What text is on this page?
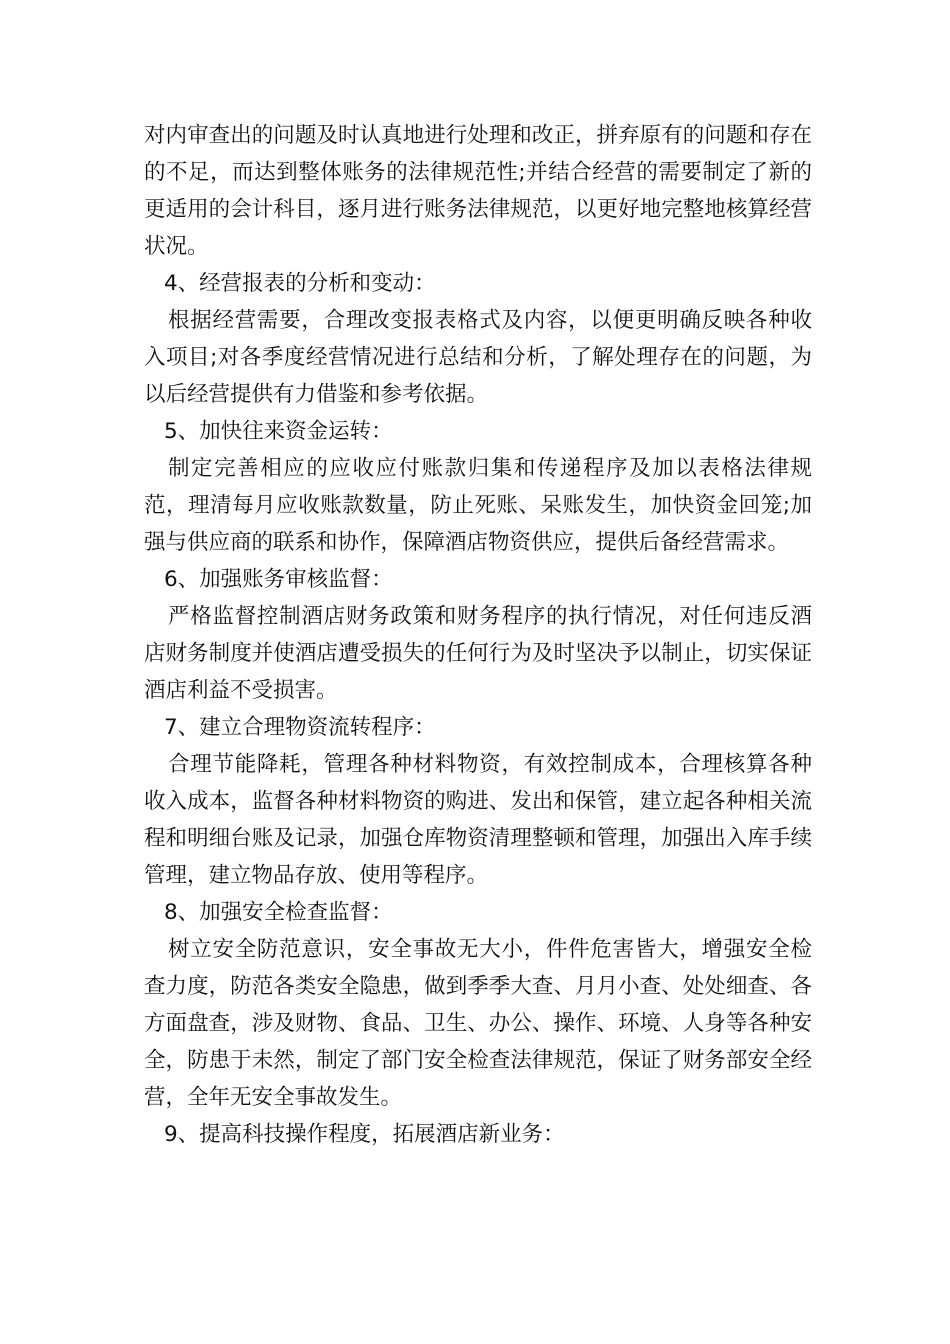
对内审查出的问题及时认真地进行处理和改正，拼弃原有的问题和存在的不足，而达到整体账务的法律规范性;并结合经营的需要制定了新的更适用的会计科目，逐月进行账务法律规范，以更好地完整地核算经营状况。

4、经营报表的分析和变动：

根据经营需要，合理改变报表格式及内容，以便更明确反映各种收入项目;对各季度经营情况进行总结和分析，了解处理存在的问题，为以后经营提供有力借鉴和参考依据。

5、加快往来资金运转：

制定完善相应的应收应付账款归集和传递程序及加以表格法律规范，理清每月应收账款数量，防止死账、呆账发生，加快资金回笼;加强与供应商的联系和协作，保障酒店物资供应，提供后备经营需求。

6、加强账务审核监督：

严格监督控制酒店财务政策和财务程序的执行情况，对任何违反酒店财务制度并使酒店遭受损失的任何行为及时坚决予以制止，切实保证酒店利益不受损害。

7、建立合理物资流转程序：

合理节能降耗，管理各种材料物资，有效控制成本，合理核算各种收入成本，监督各种材料物资的购进、发出和保管，建立起各种相关流程和明细台账及记录，加强仓库物资清理整顿和管理，加强出入库手续管理，建立物品存放、使用等程序。

8、加强安全检查监督：

树立安全防范意识，安全事故无大小，件件危害皆大，增强安全检查力度，防范各类安全隐患，做到季季大查、月月小查、处处细查、各方面盘查，涉及财物、食品、卫生、办公、操作、环境、人身等各种安全，防患于未然，制定了部门安全检查法律规范，保证了财务部安全经营，全年无安全事故发生。

9、提高科技操作程度，拓展酒店新业务：
